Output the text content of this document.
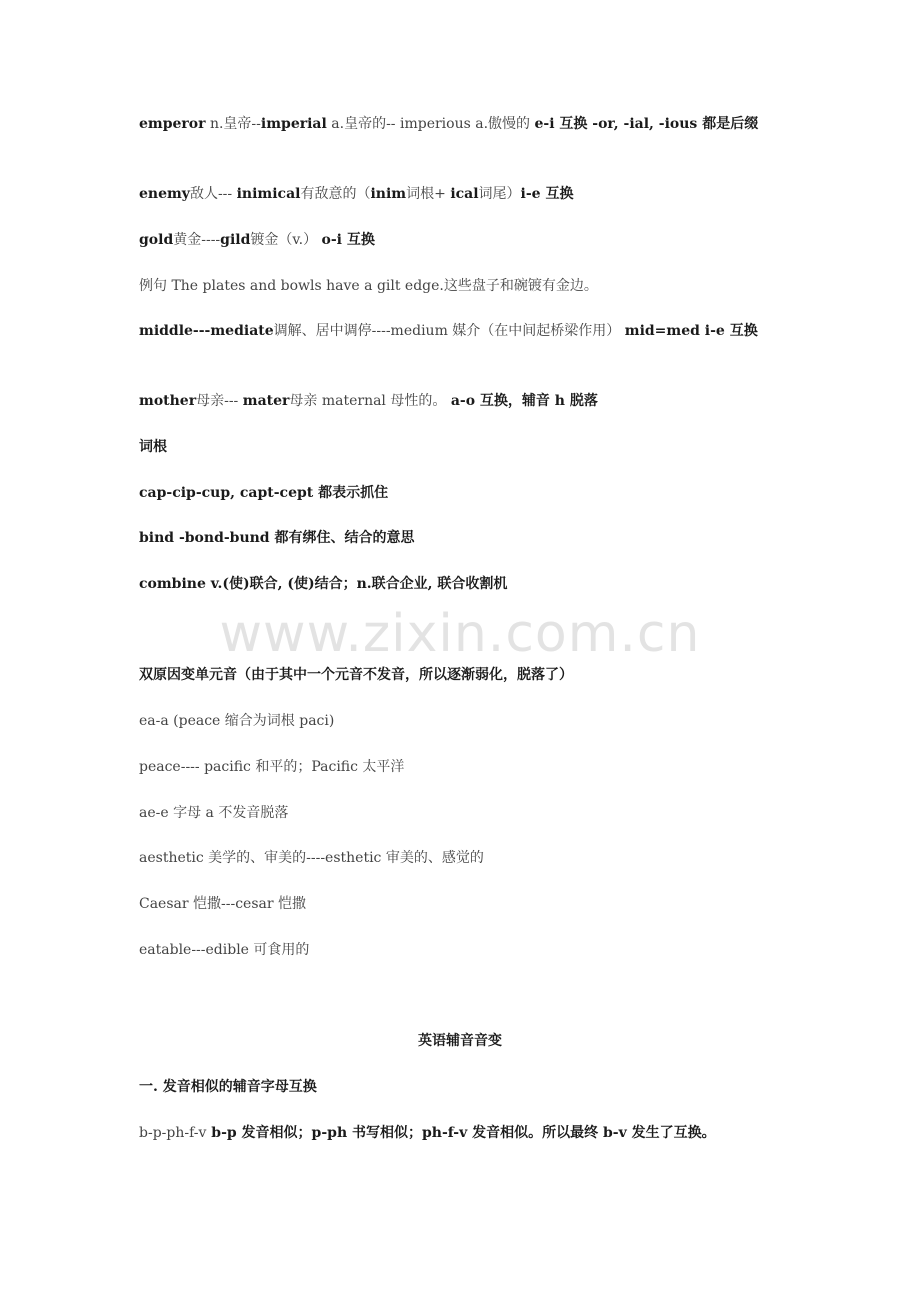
www.zixin.com.cn
emperor n.皇帝--imperial a.皇帝的-- imperious a.傲慢的 e-i 互换 -or, -ial, -ious 都是后缀
enemy敌人--- inimical有敌意的（inim词根+ ical词尾）i-e 互换
gold黄金----gild镀金（v.） o-i 互换
例句 The plates and bowls have a gilt edge.这些盘子和碗镀有金边。
middle---mediate调解、居中调停----medium 媒介（在中间起桥梁作用） mid=med i-e 互换
mother母亲--- mater母亲 maternal 母性的。 a-o 互换，辅音 h 脱落
词根
cap-cip-cup, capt-cept 都表示抓住
bind -bond-bund 都有绑住、结合的意思
combine v.(使)联合, (使)结合；n.联合企业, 联合收割机
双原因变单元音（由于其中一个元音不发音，所以逐渐弱化，脱落了）
ea-a (peace 缩合为词根 paci)
peace---- pacific 和平的；Pacific 太平洋
ae-e 字母 a 不发音脱落
aesthetic 美学的、审美的----esthetic 审美的、感觉的
Caesar 恺撒---cesar 恺撒
eatable---edible 可食用的
英语辅音音变
一. 发音相似的辅音字母互换
b-p-ph-f-v b-p 发音相似；p-ph 书写相似；ph-f-v 发音相似。所以最终 b-v 发生了互换。
